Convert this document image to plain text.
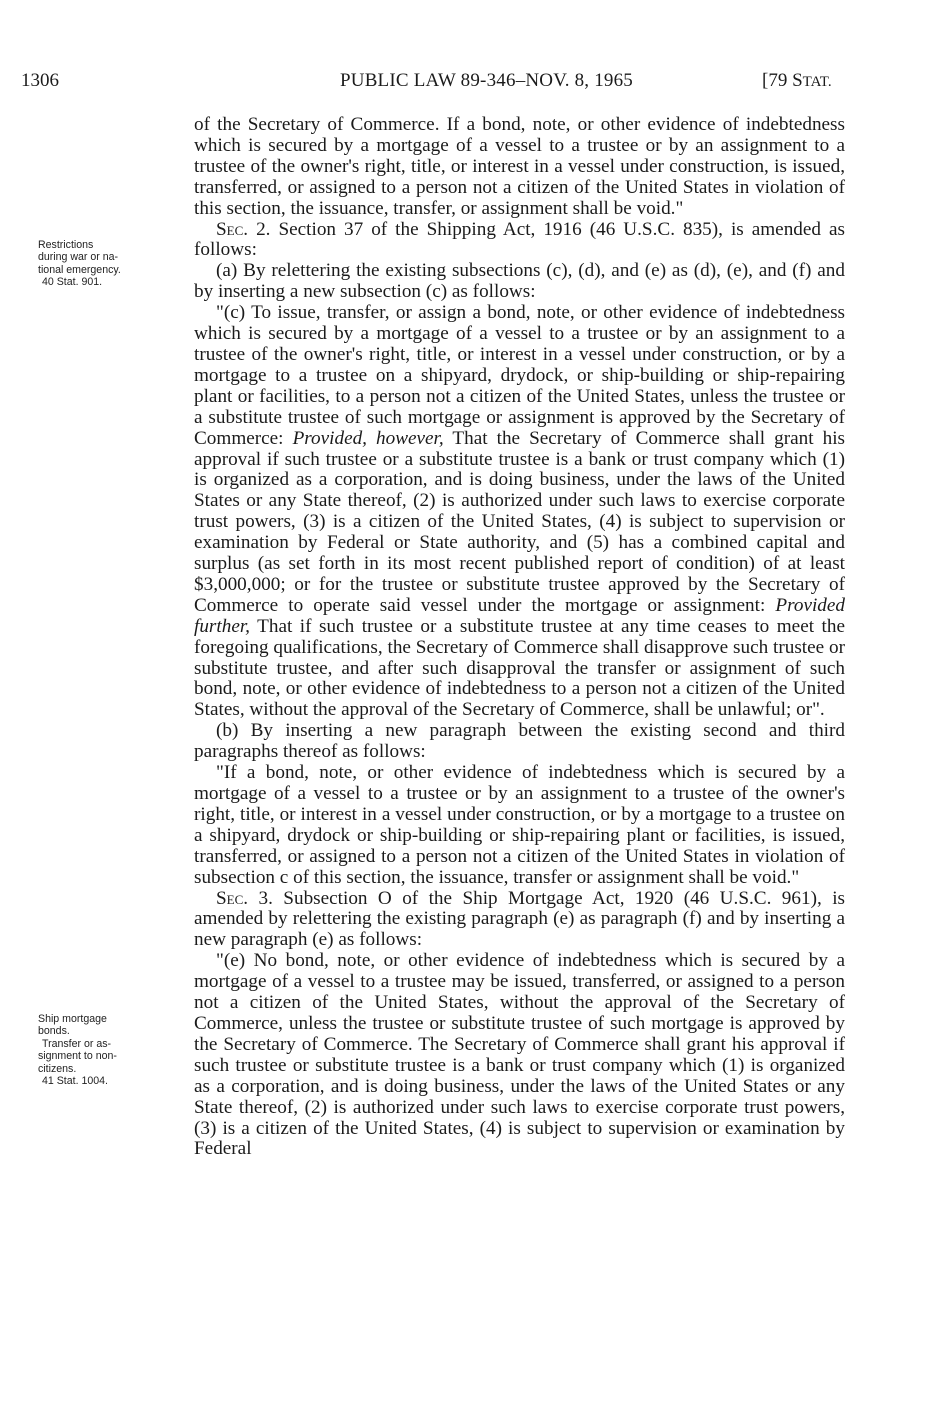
1306	PUBLIC LAW 89-346–NOV. 8, 1965	[79 STAT.
Restrictions
during war or na-
tional emergency.
40 Stat. 901.
Ship mortgage
bonds.
Transfer or as-
signment to non-
citizens.
41 Stat. 1004.

of the Secretary of Commerce. If a bond, note, or other evidence of indebtedness which is secured by a mortgage of a vessel to a trustee or by an assignment to a trustee of the owner's right, title, or interest in a vessel under construction, is issued, transferred, or assigned to a person not a citizen of the United States in violation of this section, the issuance, transfer, or assignment shall be void."

Sec. 2. Section 37 of the Shipping Act, 1916 (46 U.S.C. 835), is amended as follows:

(a) By relettering the existing subsections (c), (d), and (e) as (d), (e), and (f) and by inserting a new subsection (c) as follows:

"(c) To issue, transfer, or assign a bond, note, or other evidence of indebtedness which is secured by a mortgage of a vessel to a trustee or by an assignment to a trustee of the owner's right, title, or interest in a vessel under construction, or by a mortgage to a trustee on a shipyard, drydock, or ship-building or ship-repairing plant or facilities, to a person not a citizen of the United States, unless the trustee or a substitute trustee of such mortgage or assignment is approved by the Secretary of Commerce: Provided, however, That the Secretary of Commerce shall grant his approval if such trustee or a substitute trustee is a bank or trust company which (1) is organized as a corporation, and is doing business, under the laws of the United States or any State thereof, (2) is authorized under such laws to exercise corporate trust powers, (3) is a citizen of the United States, (4) is subject to supervision or examination by Federal or State authority, and (5) has a combined capital and surplus (as set forth in its most recent published report of condition) of at least $3,000,000; or for the trustee or substitute trustee approved by the Secretary of Commerce to operate said vessel under the mortgage or assignment: Provided further, That if such trustee or a substitute trustee at any time ceases to meet the foregoing qualifications, the Secretary of Commerce shall disapprove such trustee or substitute trustee, and after such disapproval the transfer or assignment of such bond, note, or other evidence of indebtedness to a person not a citizen of the United States, without the approval of the Secretary of Commerce, shall be unlawful; or".

(b) By inserting a new paragraph between the existing second and third paragraphs thereof as follows:

"If a bond, note, or other evidence of indebtedness which is secured by a mortgage of a vessel to a trustee or by an assignment to a trustee of the owner's right, title, or interest in a vessel under construction, or by a mortgage to a trustee on a shipyard, drydock or ship-building or ship-repairing plant or facilities, is issued, transferred, or assigned to a person not a citizen of the United States in violation of subsection c of this section, the issuance, transfer or assignment shall be void."

Sec. 3. Subsection O of the Ship Mortgage Act, 1920 (46 U.S.C. 961), is amended by relettering the existing paragraph (e) as paragraph (f) and by inserting a new paragraph (e) as follows:

"(e) No bond, note, or other evidence of indebtedness which is secured by a mortgage of a vessel to a trustee may be issued, transferred, or assigned to a person not a citizen of the United States, without the approval of the Secretary of Commerce, unless the trustee or substitute trustee of such mortgage is approved by the Secretary of Commerce. The Secretary of Commerce shall grant his approval if such trustee or substitute trustee is a bank or trust company which (1) is organized as a corporation, and is doing business, under the laws of the United States or any State thereof, (2) is authorized under such laws to exercise corporate trust powers, (3) is a citizen of the United States, (4) is subject to supervision or examination by Federal
